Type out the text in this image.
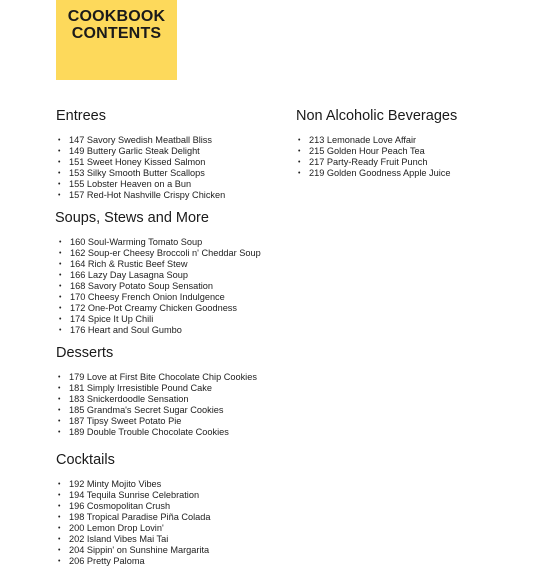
COOKBOOK
CONTENTS
Entrees
• 147 Savory Swedish Meatball Bliss
• 149 Buttery Garlic Steak Delight
• 151 Sweet Honey Kissed Salmon
• 153 Silky Smooth Butter Scallops
• 155 Lobster Heaven on a Bun
• 157 Red-Hot Nashville Crispy Chicken
Soups, Stews and More
• 160 Soul-Warming Tomato Soup
• 162 Soup-er Cheesy Broccoli n' Cheddar Soup
• 164 Rich & Rustic Beef Stew
• 166 Lazy Day Lasagna Soup
• 168 Savory Potato Soup Sensation
• 170 Cheesy French Onion Indulgence
• 172 One-Pot Creamy Chicken Goodness
• 174 Spice It Up Chili
• 176 Heart and Soul Gumbo
Desserts
• 179 Love at First Bite Chocolate Chip Cookies
• 181 Simply Irresistible Pound Cake
• 183 Snickerdoodle Sensation
• 185 Grandma's Secret Sugar Cookies
• 187 Tipsy Sweet Potato Pie
• 189 Double Trouble Chocolate Cookies
Cocktails
• 192 Minty Mojito Vibes
• 194 Tequila Sunrise Celebration
• 196 Cosmopolitan Crush
• 198 Tropical Paradise Piña Colada
• 200 Lemon Drop Lovin'
• 202 Island Vibes Mai Tai
• 204 Sippin' on Sunshine Margarita
• 206 Pretty Paloma
Non Alcoholic Beverages
• 213 Lemonade Love Affair
• 215 Golden Hour Peach Tea
• 217 Party-Ready Fruit Punch
• 219 Golden Goodness Apple Juice
